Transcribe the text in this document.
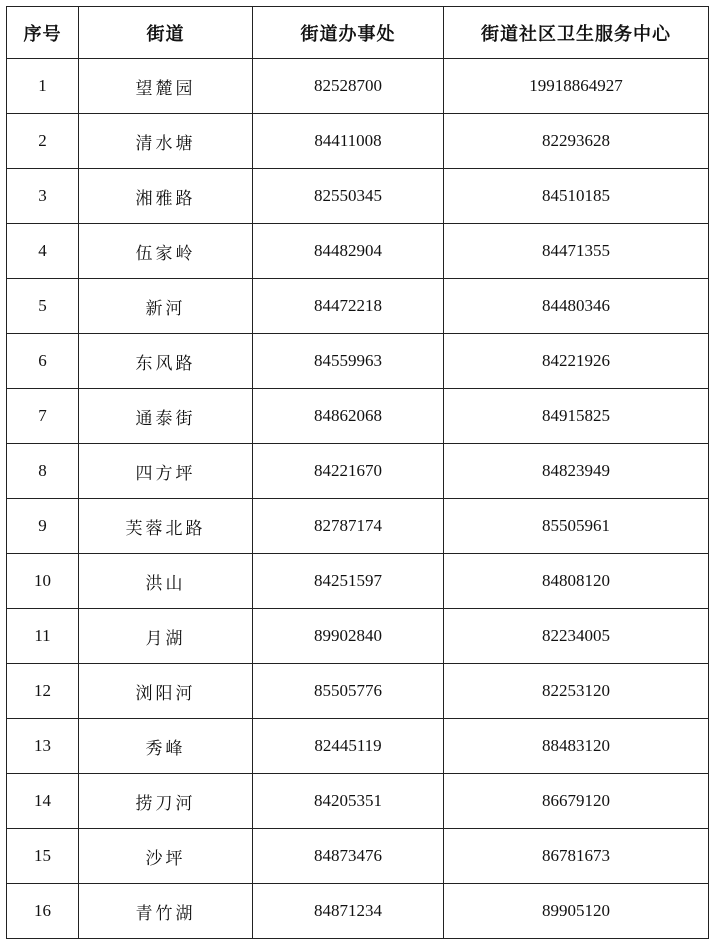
序号	街道	街道办事处	街道社区卫生服务中心
1	望麓园	82528700	19918864927
2	清水塘	84411008	82293628
3	湘雅路	82550345	84510185
4	伍家岭	84482904	84471355
5	新河	84472218	84480346
6	东风路	84559963	84221926
7	通泰街	84862068	84915825
8	四方坪	84221670	84823949
9	芙蓉北路	82787174	85505961
10	洪山	84251597	84808120
11	月湖	89902840	82234005
12	浏阳河	85505776	82253120
13	秀峰	82445119	88483120
14	捞刀河	84205351	86679120
15	沙坪	84873476	86781673
16	青竹湖	84871234	89905120
